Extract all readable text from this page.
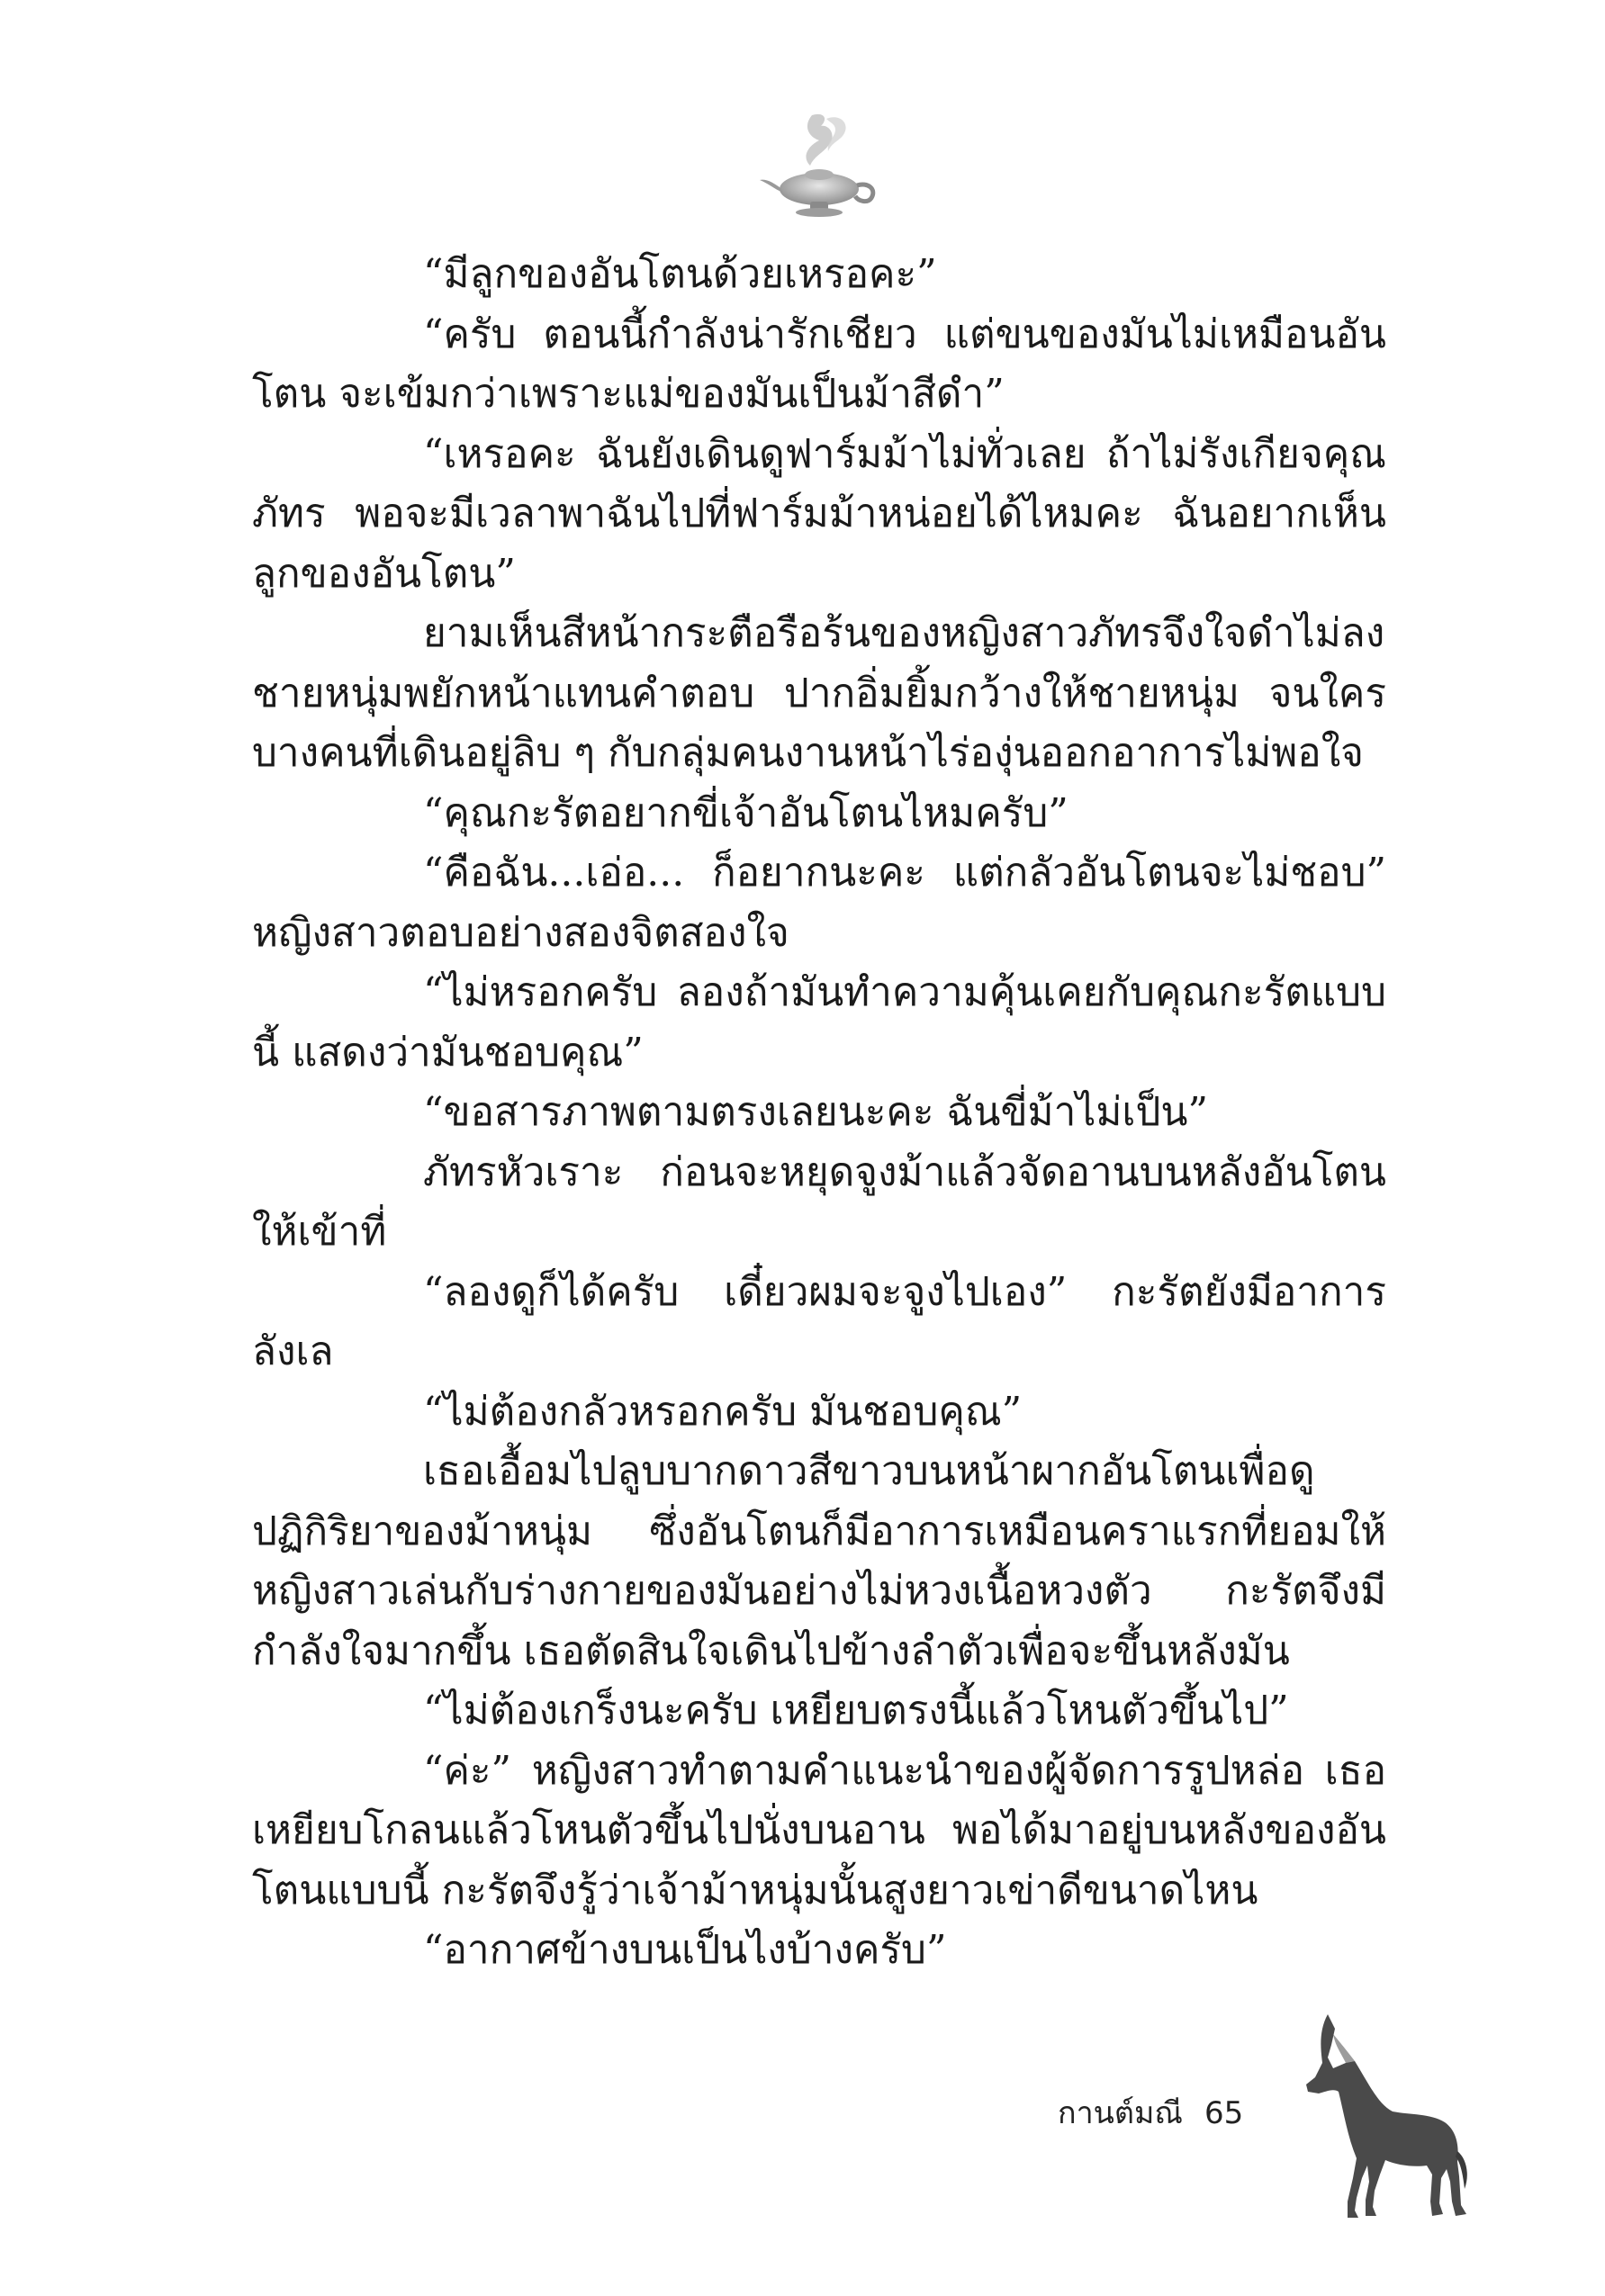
“มีลูกของอันโตนด้วยเหรอคะ”

“ครับ ตอนนี้กำลังน่ารักเชียว แต่ขนของมันไม่เหมือนอันโตน จะเข้มกว่าเพราะแม่ของมันเป็นม้าสีดำ”

“เหรอคะ ฉันยังเดินดูฟาร์มม้าไม่ทั่วเลย ถ้าไม่รังเกียจคุณภัทร พอจะมีเวลาพาฉันไปที่ฟาร์มม้าหน่อยได้ไหมคะ ฉันอยากเห็นลูกของอันโตน”

ยามเห็นสีหน้ากระตือรือร้นของหญิงสาวภัทรจึงใจดำไม่ลง ชายหนุ่มพยักหน้าแทนคำตอบ ปากอิ่มยิ้มกว้างให้ชายหนุ่ม จนใครบางคนที่เดินอยู่ลิบ ๆ กับกลุ่มคนงานหน้าไร่องุ่นออกอาการไม่พอใจ

“คุณกะรัตอยากขี่เจ้าอันโตนไหมครับ”

“คือฉัน...เอ่อ... ก็อยากนะคะ แต่กลัวอันโตนจะไม่ชอบ” หญิงสาวตอบอย่างสองจิตสองใจ

“ไม่หรอกครับ ลองถ้ามันทำความคุ้นเคยกับคุณกะรัตแบบนี้ แสดงว่ามันชอบคุณ”

“ขอสารภาพตามตรงเลยนะคะ ฉันขี่ม้าไม่เป็น”

ภัทรหัวเราะ ก่อนจะหยุดจูงม้าแล้วจัดอานบนหลังอันโตนให้เข้าที่

“ลองดูก็ได้ครับ เดี๋ยวผมจะจูงไปเอง” กะรัตยังมีอาการลังเล

“ไม่ต้องกลัวหรอกครับ มันชอบคุณ”

เธอเอื้อมไปลูบบากดาวสีขาวบนหน้าผากอันโตนเพื่อดูปฏิกิริยาของม้าหนุ่ม ซึ่งอันโตนก็มีอาการเหมือนคราแรกที่ยอมให้หญิงสาวเล่นกับร่างกายของมันอย่างไม่หวงเนื้อหวงตัว กะรัตจึงมีกำลังใจมากขึ้น เธอตัดสินใจเดินไปข้างลำตัวเพื่อจะขึ้นหลังมัน

“ไม่ต้องเกร็งนะครับ เหยียบตรงนี้แล้วโหนตัวขึ้นไป”

“ค่ะ” หญิงสาวทำตามคำแนะนำของผู้จัดการรูปหล่อ เธอเหยียบโกลนแล้วโหนตัวขึ้นไปนั่งบนอาน พอได้มาอยู่บนหลังของอันโตนแบบนี้ กะรัตจึงรู้ว่าเจ้าม้าหนุ่มนั้นสูงยาวเข่าดีขนาดไหน

“อากาศข้างบนเป็นไงบ้างครับ”

กานต์มณี 65
